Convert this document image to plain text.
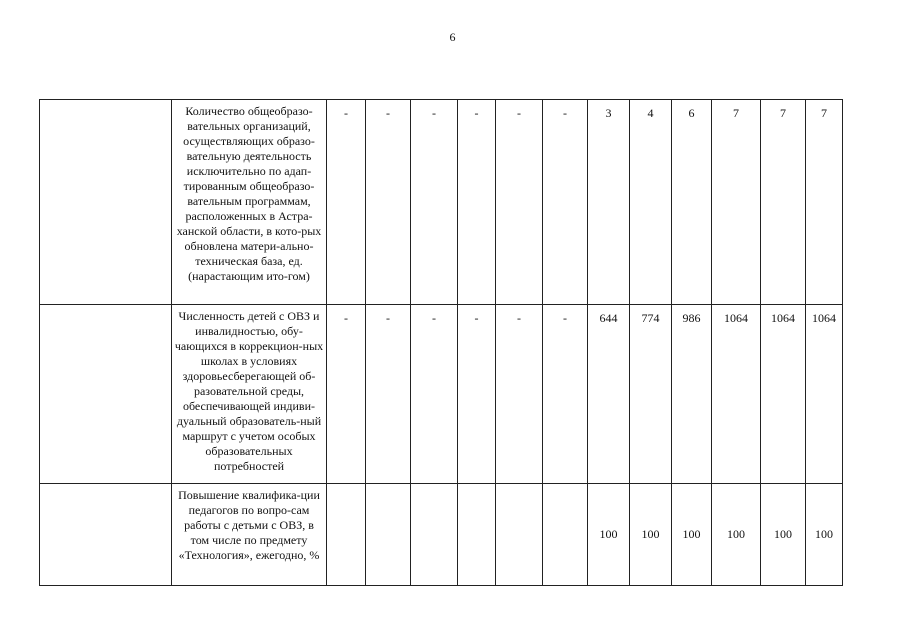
6

	Количество общеобразо-вательных организаций, осуществляющих образо-вательную деятельность исключительно по адап-тированным общеобразо-вательным программам, расположенных в Астра-ханской области, в кото-рых обновлена матери-ально-техническая база, ед. (нарастающим ито-гом)	-	-	-	-	-	-	3	4	6	7	7	7

	Численность детей с ОВЗ и инвалидностью, обу-чающихся в коррекцион-ных школах в условиях здоровьесберегающей об-разовательной среды, обеспечивающей индиви-дуальный образователь-ный маршрут с учетом особых образовательных потребностей	-	-	-	-	-	-	644	774	986	1064	1064	1064

	Повышение квалифика-ции педагогов по вопро-сам работы с детьми с ОВЗ, в том числе по предмету «Технология», ежегодно, %							100	100	100	100	100	100
